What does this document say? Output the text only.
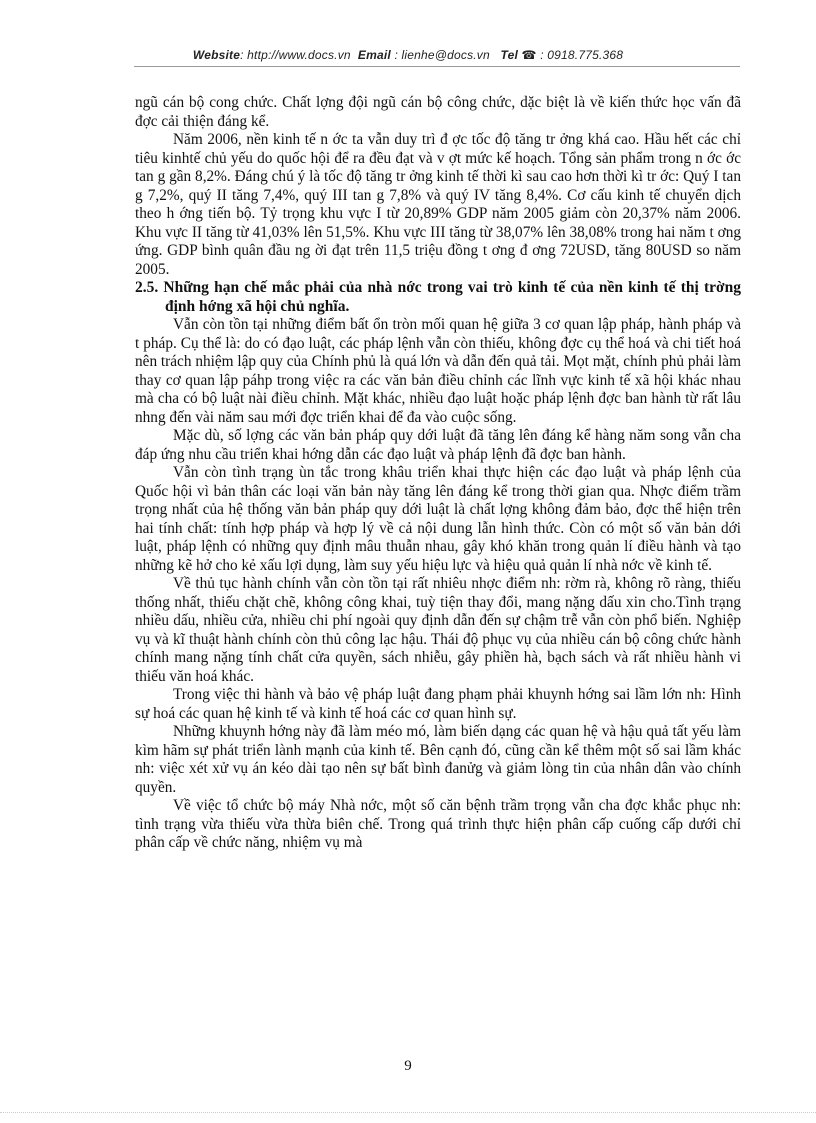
Website: http://www.docs.vn Email : lienhe@docs.vn Tel ☎ : 0918.775.368

ngũ cán bộ cong chức. Chất lợng đội ngũ cán bộ công chức, dặc biệt là về kiến thức học vấn đã đợc cải thiện đáng kể.

Năm 2006, nền kinh tế n ớc ta vẫn duy trì đ ợc tốc độ tăng tr ởng khá cao. Hầu hết các chỉ tiêu kinhtế chủ yếu do quốc hội để ra đều đạt và v ợt mức kế hoạch. Tổng sản phẩm trong n ớc ớc tan g gần 8,2%. Đáng chú ý là tốc độ tăng tr ởng kinh tế thời kì sau cao hơn thời kì tr ớc: Quý I tan g 7,2%, quý II tăng 7,4%, quý III tan g 7,8% và quý IV tăng 8,4%. Cơ cấu kinh tế chuyển dịch theo h ớng tiến bộ. Tỷ trọng khu vực I từ 20,89% GDP năm 2005 giảm còn 20,37% năm 2006. Khu vực II tăng từ 41,03% lên 51,5%. Khu vực III tăng từ 38,07% lên 38,08% trong hai năm t ơng ứng. GDP bình quân đầu ng ời đạt trên 11,5 triệu đồng t ơng đ ơng 72USD, tăng 80USD so năm 2005.

2.5. Những hạn chế mắc phải của nhà nớc trong vai trò kinh tế của nền kinh tế thị trờng định hớng xã hội chủ nghĩa.

Vẫn còn tồn tại những điểm bất ổn tròn mối quan hệ giữa 3 cơ quan lập pháp, hành pháp và t pháp. Cụ thể là: do có đạo luật, các pháp lệnh vẫn còn thiếu, không đợc cụ thể hoá và chi tiết hoá nên trách nhiệm lập quy của Chính phủ là quá lớn và dẫn đến quả tải. Mọt mặt, chính phủ phải làm thay cơ quan lập páhp trong việc ra các văn bản điều chỉnh các lĩnh vực kinh tế xã hội khác nhau mà cha có bộ luật nài điều chỉnh. Mặt khác, nhiều đạo luật hoặc pháp lệnh đợc ban hành từ rất lâu nhng đến vài năm sau mới đợc triển khai để đa vào cuộc sống.

Mặc dù, số lợng các văn bản pháp quy dới luật đã tăng lên đáng kể hàng năm song vẫn cha đáp ứng nhu cầu triển khai hớng dẫn các đạo luật và pháp lệnh đã đợc ban hành.

Vẫn còn tình trạng ùn tắc trong khâu triển khai thực hiện các đạo luật và pháp lệnh của Quốc hội vì bản thân các loại văn bản này tăng lên đáng kể trong thời gian qua. Nhợc điểm trầm trọng nhất của hệ thống văn bản pháp quy dới luật là chất lợng không đảm bảo, đợc thể hiện trên hai tính chất: tính hợp pháp và hợp lý về cả nội dung lẫn hình thức. Còn có một số văn bản dới luật, pháp lệnh có những quy định mâu thuẫn nhau, gây khó khăn trong quản lí điều hành và tạo những kẽ hở cho kẻ xấu lợi dụng, làm suy yếu hiệu lực và hiệu quả quản lí nhà nớc về kinh tế.

Về thủ tục hành chính vẫn còn tồn tại rất nhiêu nhợc điểm nh: rờm rà, không rõ ràng, thiếu thống nhất, thiếu chặt chẽ, không công khai, tuỳ tiện thay đổi, mang nặng dấu xin cho.Tình trạng nhiều dấu, nhiều cửa, nhiều chi phí ngoài quy định dẫn đến sự chậm trễ vẫn còn phổ biến. Nghiệp vụ và kĩ thuật hành chính còn thủ công lạc hậu. Thái độ phục vụ của nhiều cán bộ công chức hành chính mang nặng tính chất cửa quyền, sách nhiễu, gây phiền hà, bạch sách và rất nhiều hành vi thiếu văn hoá khác.

Trong việc thi hành và bảo vệ pháp luật đang phạm phải khuynh hớng sai lầm lớn nh: Hình sự hoá các quan hệ kinh tế và kinh tế hoá các cơ quan hình sự.

Những khuynh hớng này đã làm méo mó, làm biến dạng các quan hệ và hậu quả tất yếu làm kìm hãm sự phát triển lành mạnh của kinh tế. Bên cạnh đó, cũng cần kể thêm một số sai lầm khác nh: việc xét xử vụ án kéo dài tạo nên sự bất bình đanửg và giảm lòng tin của nhân dân vào chính quyền.

Về việc tổ chức bộ máy Nhà nớc, một số căn bệnh trầm trọng vẫn cha đợc khắc phục nh: tình trạng vừa thiếu vừa thừa biên chế. Trong quá trình thực hiện phân cấp cuống cấp dưới chỉ phân cấp về chức năng, nhiệm vụ mà

9
